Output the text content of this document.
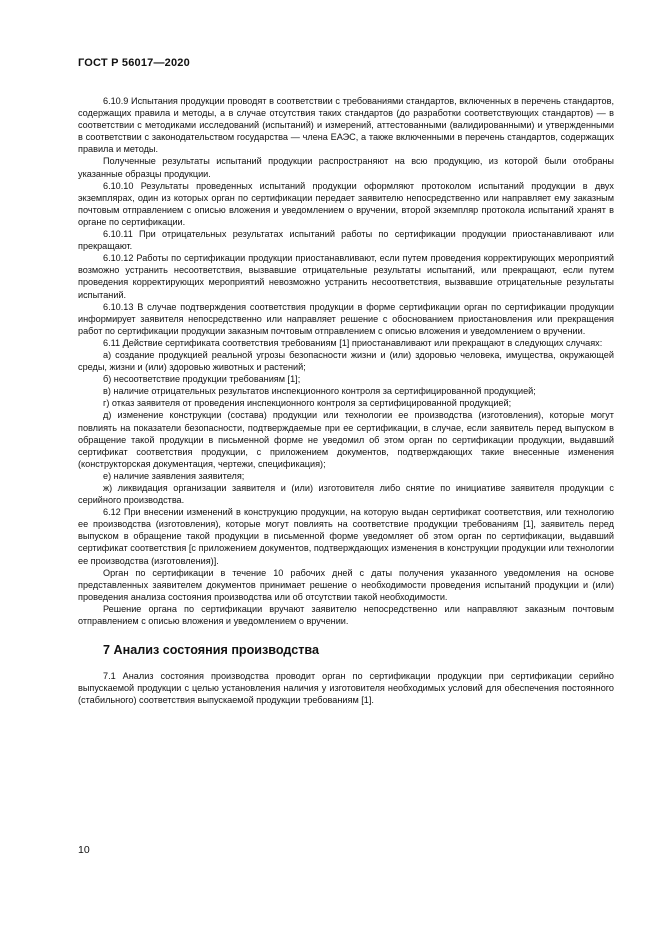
ГОСТ Р 56017—2020

6.10.9 Испытания продукции проводят в соответствии с требованиями стандартов, включенных в перечень стандартов, содержащих правила и методы, а в случае отсутствия таких стандартов (до разработки соответствующих стандартов) — в соответствии с методиками исследований (испытаний) и измерений, аттестованными (валидированными) и утвержденными в соответствии с законодательством государства — члена ЕАЭС, а также включенными в перечень стандартов, содержащих правила и методы.

Полученные результаты испытаний продукции распространяют на всю продукцию, из которой были отобраны указанные образцы продукции.

6.10.10 Результаты проведенных испытаний продукции оформляют протоколом испытаний продукции в двух экземплярах, один из которых орган по сертификации передает заявителю непосредственно или направляет ему заказным почтовым отправлением с описью вложения и уведомлением о вручении, второй экземпляр протокола испытаний хранят в органе по сертификации.

6.10.11 При отрицательных результатах испытаний работы по сертификации продукции приостанавливают или прекращают.

6.10.12 Работы по сертификации продукции приостанавливают, если путем проведения корректирующих мероприятий возможно устранить несоответствия, вызвавшие отрицательные результаты испытаний, или прекращают, если путем проведения корректирующих мероприятий невозможно устранить несоответствия, вызвавшие отрицательные результаты испытаний.

6.10.13 В случае подтверждения соответствия продукции в форме сертификации орган по сертификации продукции информирует заявителя непосредственно или направляет решение с обоснованием приостановления или прекращения работ по сертификации продукции заказным почтовым отправлением с описью вложения и уведомлением о вручении.

6.11 Действие сертификата соответствия требованиям [1] приостанавливают или прекращают в следующих случаях:

а) создание продукцией реальной угрозы безопасности жизни и (или) здоровью человека, имущества, окружающей среды, жизни и (или) здоровью животных и растений;

б) несоответствие продукции требованиям [1];

в) наличие отрицательных результатов инспекционного контроля за сертифицированной продукцией;

г) отказ заявителя от проведения инспекционного контроля за сертифицированной продукцией;

д) изменение конструкции (состава) продукции или технологии ее производства (изготовления), которые могут повлиять на показатели безопасности, подтверждаемые при ее сертификации, в случае, если заявитель перед выпуском в обращение такой продукции в письменной форме не уведомил об этом орган по сертификации продукции, выдавший сертификат соответствия продукции, с приложением документов, подтверждающих такие внесенные изменения (конструкторская документация, чертежи, спецификация);

е) наличие заявления заявителя;

ж) ликвидация организации заявителя и (или) изготовителя либо снятие по инициативе заявителя продукции с серийного производства.

6.12 При внесении изменений в конструкцию продукции, на которую выдан сертификат соответствия, или технологию ее производства (изготовления), которые могут повлиять на соответствие продукции требованиям [1], заявитель перед выпуском в обращение такой продукции в письменной форме уведомляет об этом орган по сертификации, выдавший сертификат соответствия [с приложением документов, подтверждающих изменения в конструкции продукции или технологии ее производства (изготовления)].

Орган по сертификации в течение 10 рабочих дней с даты получения указанного уведомления на основе представленных заявителем документов принимает решение о необходимости проведения испытаний продукции и (или) проведения анализа состояния производства или об отсутствии такой необходимости.

Решение органа по сертификации вручают заявителю непосредственно или направляют заказным почтовым отправлением с описью вложения и уведомлением о вручении.

7 Анализ состояния производства

7.1 Анализ состояния производства проводит орган по сертификации продукции при сертификации серийно выпускаемой продукции с целью установления наличия у изготовителя необходимых условий для обеспечения постоянного (стабильного) соответствия выпускаемой продукции требованиям [1].

10
